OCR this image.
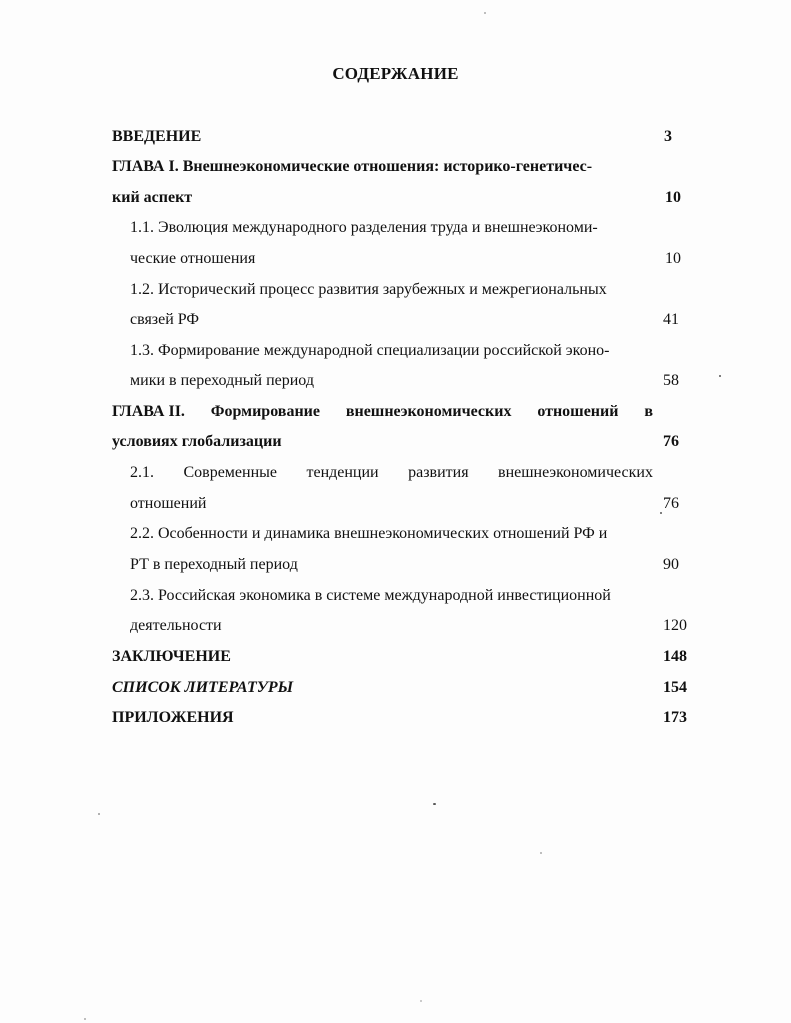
СОДЕРЖАНИЕ
ВВЕДЕНИЕ	3
ГЛАВА I. Внешнеэкономические отношения: историко-генетичес-
кий аспект	10
1.1. Эволюция международного разделения труда и внешнеэкономи-
ческие отношения	10
1.2. Исторический процесс развития зарубежных и межрегиональных
связей РФ	41
1.3. Формирование международной специализации российской эконо-
мики в переходный период	58
ГЛАВА II. Формирование внешнеэкономических отношений в
условиях глобализации	76
2.1. Современные тенденции развития внешнеэкономических
отношений	76
2.2. Особенности и динамика внешнеэкономических отношений РФ и
РТ в переходный период	90
2.3. Российская экономика в системе международной инвестиционной
деятельности	120
ЗАКЛЮЧЕНИЕ	148
СПИСОК ЛИТЕРАТУРЫ	154
ПРИЛОЖЕНИЯ	173
